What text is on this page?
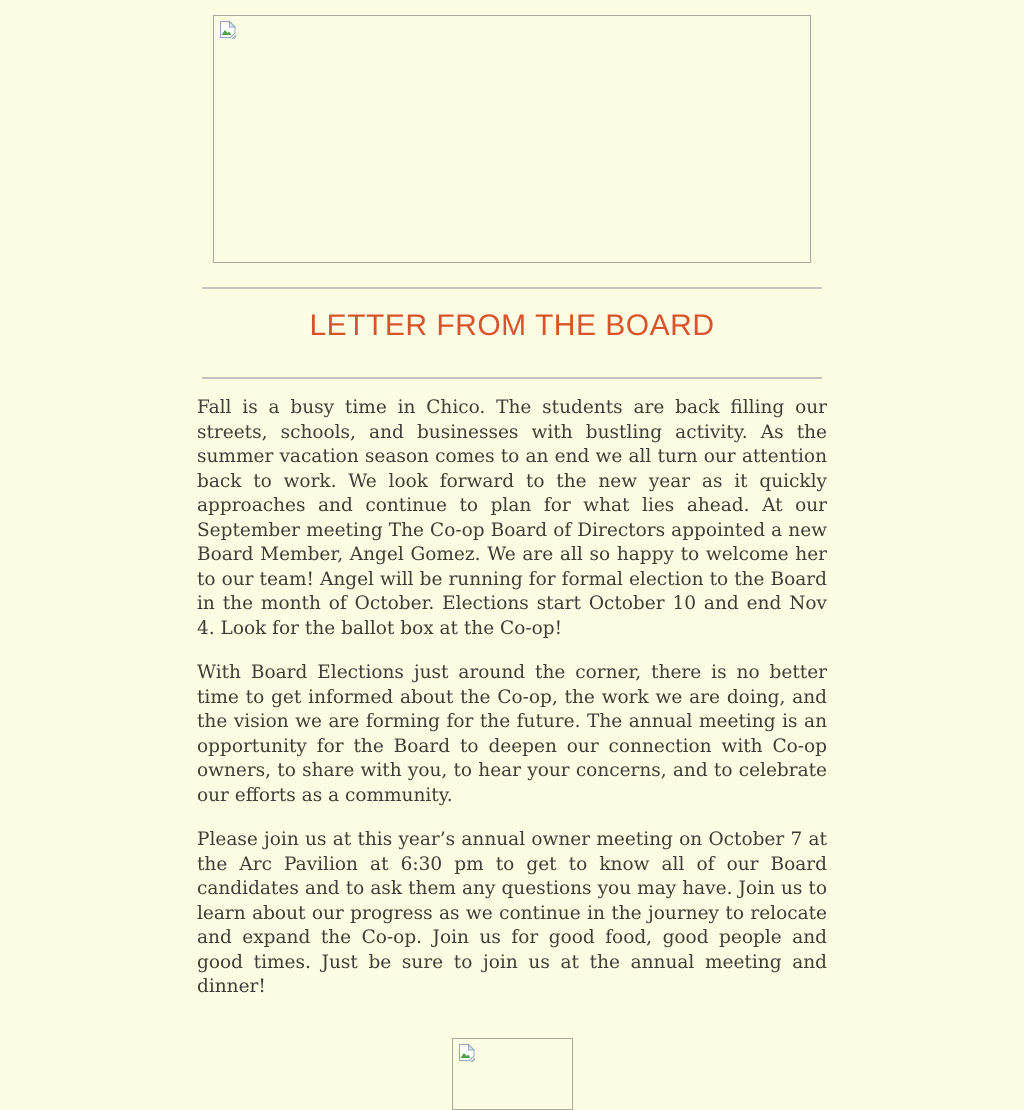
LETTER FROM THE BOARD

Fall is a busy time in Chico. The students are back filling our streets, schools, and businesses with bustling activity. As the summer vacation season comes to an end we all turn our attention back to work. We look forward to the new year as it quickly approaches and continue to plan for what lies ahead. At our September meeting The Co-op Board of Directors appointed a new Board Member, Angel Gomez. We are all so happy to welcome her to our team! Angel will be running for formal election to the Board in the month of October. Elections start October 10 and end Nov 4. Look for the ballot box at the Co-op!

With Board Elections just around the corner, there is no better time to get informed about the Co-op, the work we are doing, and the vision we are forming for the future. The annual meeting is an opportunity for the Board to deepen our connection with Co-op owners, to share with you, to hear your concerns, and to celebrate our efforts as a community.

Please join us at this year’s annual owner meeting on October 7 at the Arc Pavilion at 6:30 pm to get to know all of our Board candidates and to ask them any questions you may have. Join us to learn about our progress as we continue in the journey to relocate and expand the Co-op. Join us for good food, good people and good times. Just be sure to join us at the annual meeting and dinner!
